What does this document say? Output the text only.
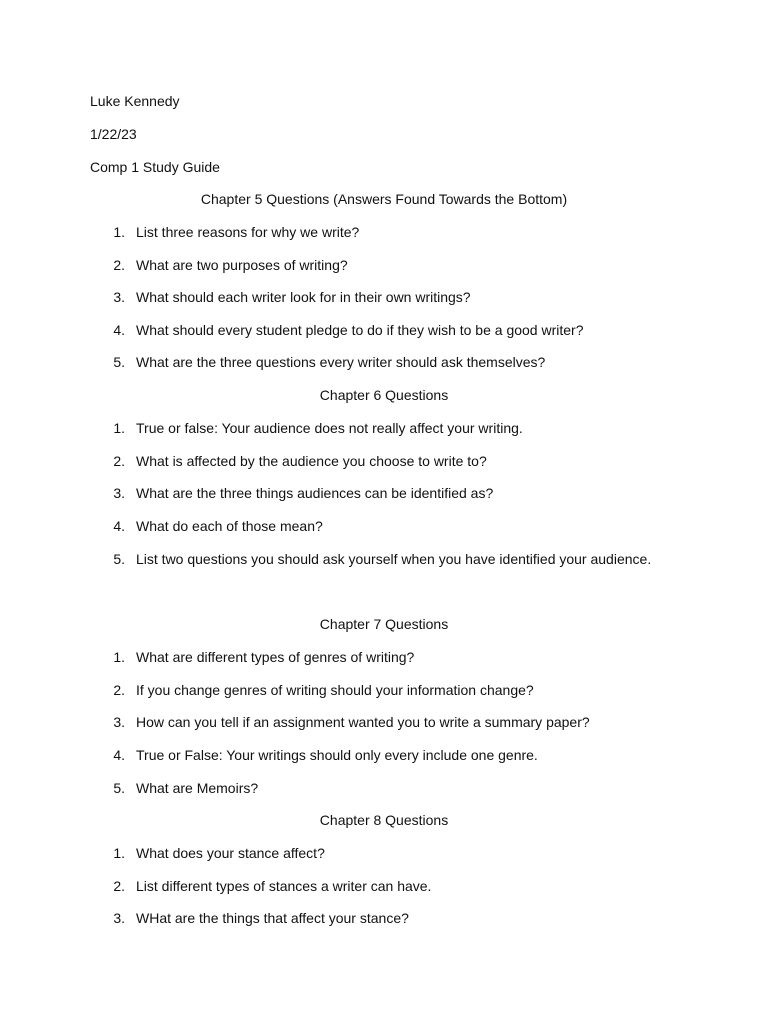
Luke Kennedy
1/22/23
Comp 1 Study Guide
Chapter 5 Questions (Answers Found Towards the Bottom)
1. List three reasons for why we write?
2. What are two purposes of writing?
3. What should each writer look for in their own writings?
4. What should every student pledge to do if they wish to be a good writer?
5. What are the three questions every writer should ask themselves?
Chapter 6 Questions
1. True or false: Your audience does not really affect your writing.
2. What is affected by the audience you choose to write to?
3. What are the three things audiences can be identified as?
4. What do each of those mean?
5. List two questions you should ask yourself when you have identified your audience.
Chapter 7 Questions
1. What are different types of genres of writing?
2. If you change genres of writing should your information change?
3. How can you tell if an assignment wanted you to write a summary paper?
4. True or False: Your writings should only every include one genre.
5. What are Memoirs?
Chapter 8 Questions
1. What does your stance affect?
2. List different types of stances a writer can have.
3. WHat are the things that affect your stance?
